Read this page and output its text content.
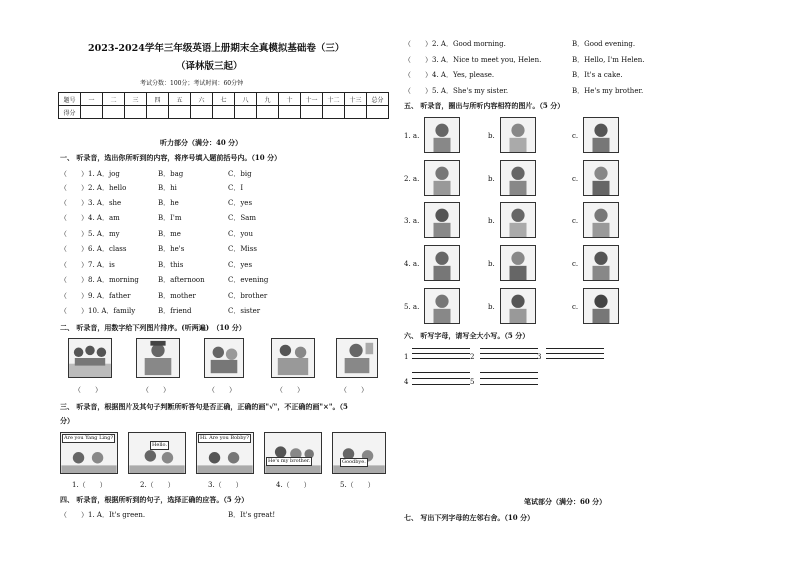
2023-2024学年三年级英语上册期末全真模拟基础卷（三）
（译林版三起）
考试分数：100分；考试时间：60分钟
题号	一	二	三	四	五	六	七	八	九	十	十一	十二	十三	总分
得分														
听力部分（满分：40 分）
一、 听录音，选出你所听到的内容，将序号填入题前括号内。（10 分）
（　　）1. A．jog	B．bag	C．big
（　　）2. A．hello	B．hi	C．I
（　　）3. A．she	B．he	C．yes
（　　）4. A．am	B．I'm	C．Sam
（　　）5. A．my	B．me	C．you
（　　）6. A．class	B．he's	C．Miss
（　　）7. A．is	B．this	C．yes
（　　）8. A．morning	B．afternoon	C．evening
（　　）9. A．father	B．mother	C．brother
（　　）10. A．family	B．friend	C．sister
二、 听录音，用数字给下列图片排序。(听两遍)　（10 分）
（　　）	（　　）	（　　）	（　　）	（　　）
三、 听录音，根据图片及其句子判断所听答句是否正确，正确的画"√"，不正确的画"×"。（5
分）
Are you Yang Ling?
Hello.
Hi. Are you Bobby?
He's my brother.	Goodbye.
1.（　　）	2.（　　）	3.（　　）	4.（　　）	5.（　　）
四、 听录音，根据所听到的句子，选择正确的应答。（5 分）
（　　）1. A．It's green.	B．It's great!
（　　）2. A．Good morning.	B．Good evening.
（　　）3. A．Nice to meet you, Helen.	B．Hello, I'm Helen.
（　　）4. A．Yes, please.	B．It's a cake.
（　　）5. A．She's my sister.	B．He's my brother.
五、 听录音，圈出与所听内容相符的图片。（5 分）
1. a.	b.	c.
2. a.	b.	c.
3. a.	b.	c.
4. a.	b.	c.
5. a.	b.	c.
六、 听写字母，请写全大小写。（5 分）
1	2	3
4	5
笔试部分（满分：60 分）
七、 写出下列字母的左邻右舍。（10 分）
